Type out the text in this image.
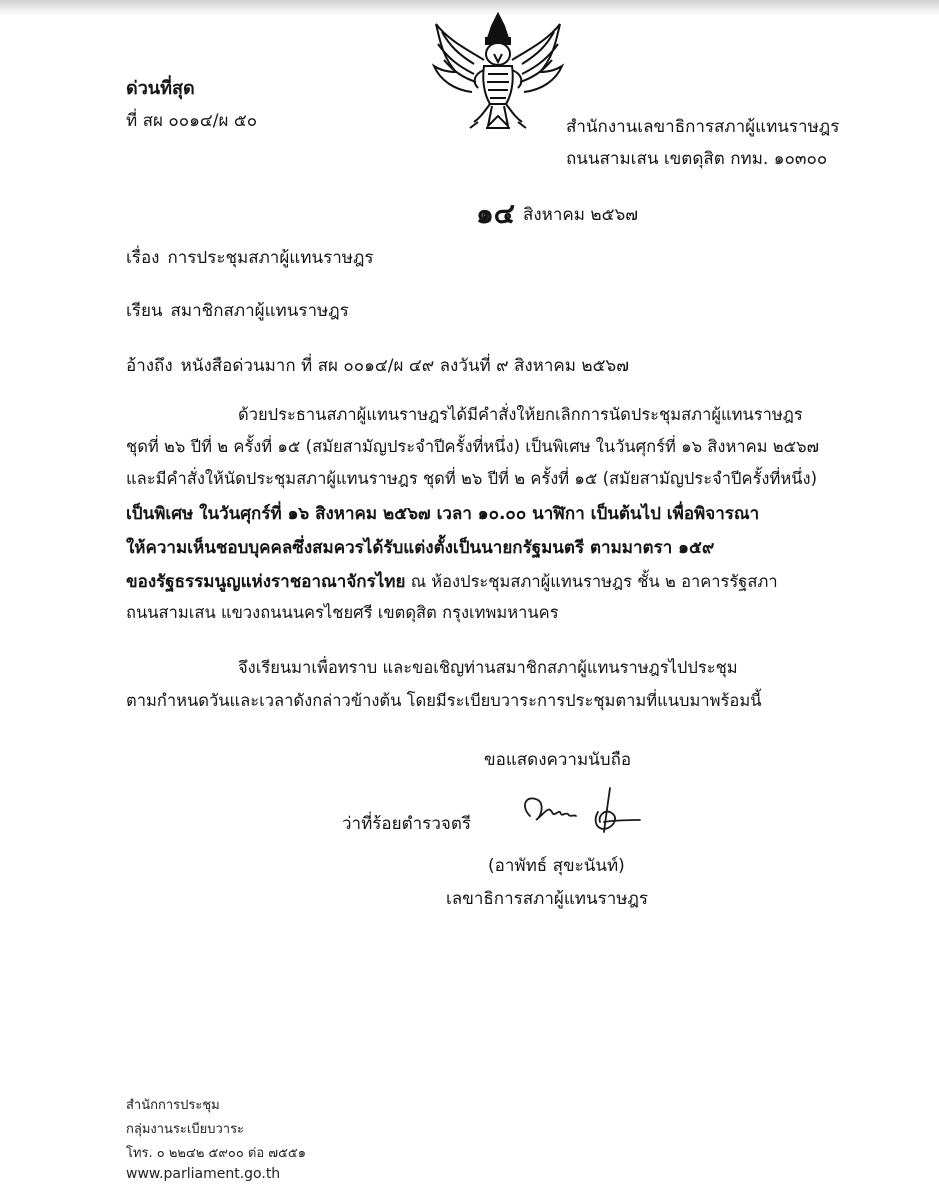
ด่วนที่สุด
ที่ สผ ๐๐๑๔/ผ ๕๐	สำนักงานเลขาธิการสภาผู้แทนราษฎร
ถนนสามเสน เขตดุสิต กทม. ๑๐๓๐๐
๑๔ สิงหาคม ๒๕๖๗
เรื่อง การประชุมสภาผู้แทนราษฎร
เรียน สมาชิกสภาผู้แทนราษฎร
อ้างถึง หนังสือด่วนมาก ที่ สผ ๐๐๑๔/ผ ๔๙ ลงวันที่ ๙ สิงหาคม ๒๕๖๗
ด้วยประธานสภาผู้แทนราษฎรได้มีคำสั่งให้ยกเลิกการนัดประชุมสภาผู้แทนราษฎร
ชุดที่ ๒๖ ปีที่ ๒ ครั้งที่ ๑๕ (สมัยสามัญประจำปีครั้งที่หนึ่ง) เป็นพิเศษ ในวันศุกร์ที่ ๑๖ สิงหาคม ๒๕๖๗
และมีคำสั่งให้นัดประชุมสภาผู้แทนราษฎร ชุดที่ ๒๖ ปีที่ ๒ ครั้งที่ ๑๕ (สมัยสามัญประจำปีครั้งที่หนึ่ง)
เป็นพิเศษ ในวันศุกร์ที่ ๑๖ สิงหาคม ๒๕๖๗ เวลา ๑๐.๐๐ นาฬิกา เป็นต้นไป เพื่อพิจารณา
ให้ความเห็นชอบบุคคลซึ่งสมควรได้รับแต่งตั้งเป็นนายกรัฐมนตรี ตามมาตรา ๑๕๙
ของรัฐธรรมนูญแห่งราชอาณาจักรไทย ณ ห้องประชุมสภาผู้แทนราษฎร ชั้น ๒ อาคารรัฐสภา
ถนนสามเสน แขวงถนนนครไชยศรี เขตดุสิต กรุงเทพมหานคร
จึงเรียนมาเพื่อทราบ และขอเชิญท่านสมาชิกสภาผู้แทนราษฎรไปประชุม
ตามกำหนดวันและเวลาดังกล่าวข้างต้น โดยมีระเบียบวาระการประชุมตามที่แนบมาพร้อมนี้
ขอแสดงความนับถือ
ว่าที่ร้อยตำรวจตรี
(อาพัทธ์ สุขะนันท์)
เลขาธิการสภาผู้แทนราษฎร
สำนักการประชุม
กลุ่มงานระเบียบวาระ
โทร. ๐ ๒๒๔๒ ๕๙๐๐ ต่อ ๗๕๕๑
www.parliament.go.th
